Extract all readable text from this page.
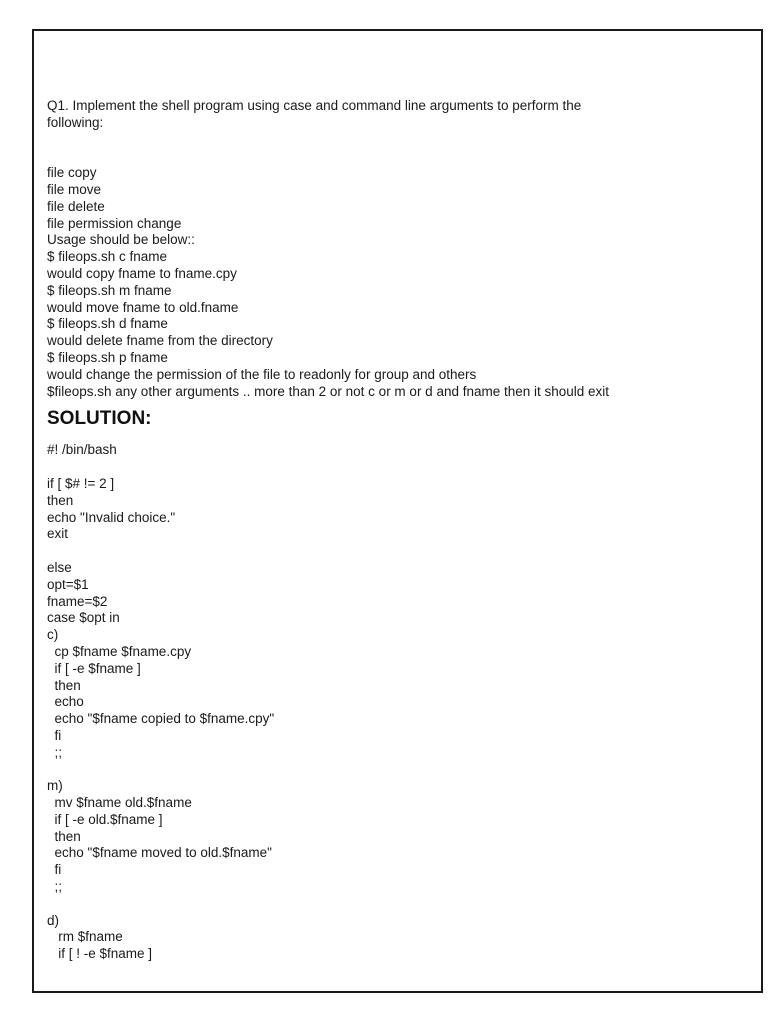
Q1. Implement the shell program using case and command line arguments to perform the
following:
file copy
file move
file delete
file permission change
Usage should be below::
$ fileops.sh c fname
would copy fname to fname.cpy
$ fileops.sh m fname
would move fname to old.fname
$ fileops.sh d fname
would delete fname from the directory
$ fileops.sh p fname
would change the permission of the file to readonly for group and others
$fileops.sh any other arguments .. more than 2 or not c or m or d and fname then it should exit
SOLUTION:
#! /bin/bash
if [ $# != 2 ]
then
echo "Invalid choice."
exit
else
opt=$1
fname=$2
case $opt in
c)
cp $fname $fname.cpy
if [ -e $fname ]
then
echo
echo "$fname copied to $fname.cpy"
fi
;;
m)
mv $fname old.$fname
if [ -e old.$fname ]
then
echo "$fname moved to old.$fname"
fi
;;
d)
rm $fname
if [ ! -e $fname ]
